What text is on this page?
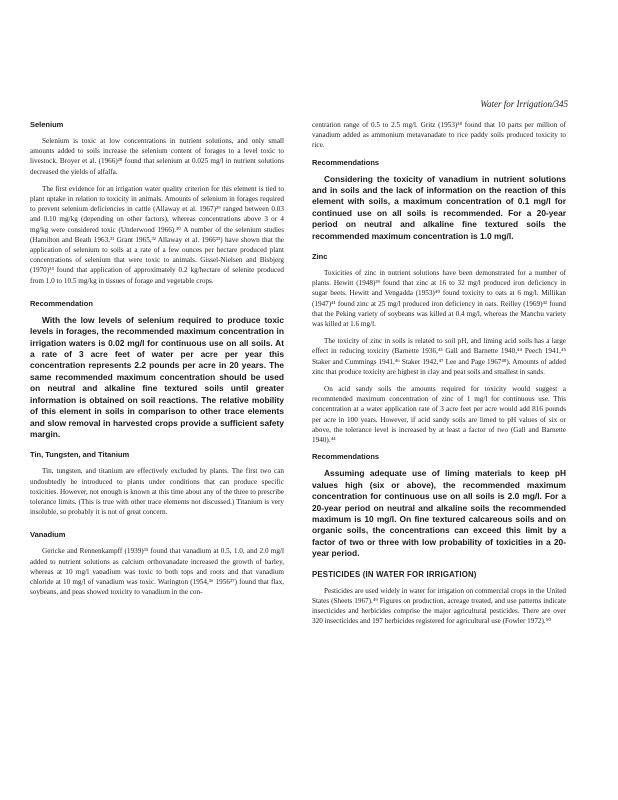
Water for Irrigation/345
Selenium

Selenium is toxic at low concentrations in nutrient solutions, and only small amounts added to soils increase the selenium content of forages to a level toxic to livestock. Broyer et al. (1966)²⁸ found that selenium at 0.025 mg/l in nutrient solutions decreased the yields of alfalfa.

The first evidence for an irrigation water quality criterion for this element is tied to plant uptake in relation to toxicity in animals. Amounts of selenium in forages required to prevent selenium deficiencies in cattle (Allaway et al. 1967)²⁹ ranged between 0.03 and 0.10 mg/kg (depending on other factors), whereas concentrations above 3 or 4 mg/kg were considered toxic (Underwood 1966).³⁰ A number of the selenium studies (Hamilton and Beath 1963,³¹ Grant 1965,³² Allaway et al. 1966³³) have shown that the application of selenium to soils at a rate of a few ounces per hectare produced plant concentrations of selenium that were toxic to animals. Gissel-Nielsen and Bisbjerg (1970)³⁴ found that application of approximately 0.2 kg/hectare of selenite produced from 1.0 to 10.5 mg/kg in tissues of forage and vegetable crops.

Recommendation

With the low levels of selenium required to produce toxic levels in forages, the recommended maximum concentration in irrigation waters is 0.02 mg/l for continuous use on all soils. At a rate of 3 acre feet of water per acre per year this concentration represents 2.2 pounds per acre in 20 years. The same recommended maximum concentration should be used on neutral and alkaline fine textured soils until greater information is obtained on soil reactions. The relative mobility of this element in soils in comparison to other trace elements and slow removal in harvested crops provide a sufficient safety margin.

Tin, Tungsten, and Titanium

Tin, tungsten, and titanium are effectively excluded by plants. The first two can undoubtedly be introduced to plants under conditions that can produce specific toxicities. However, not enough is known at this time about any of the three to prescribe tolerance limits. (This is true with other trace elements not discussed.) Titanium is very insoluble, so probably it is not of great concern.

Vanadium

Gericke and Rennenkampff (1939)³⁵ found that vanadium at 0.5, 1.0, and 2.0 mg/l added to nutrient solutions as calcium orthovanadate increased the growth of barley, whereas at 10 mg/l vanadium was toxic to both tops and roots and that vanadium chloride at 10 mg/l of vanadium was toxic. Warington (1954,³⁶ 1956³⁷) found that flax, soybeans, and peas showed toxicity to vanadium in the con-

centration range of 0.5 to 2.5 mg/l. Gritz (1953)³⁸ found that 10 parts per million of vanadium added as ammonium metavanadate to rice paddy soils produced toxicity to rice.

Recommendations

Considering the toxicity of vanadium in nutrient solutions and in soils and the lack of information on the reaction of this element with soils, a maximum concentration of 0.1 mg/l for continued use on all soils is recommended. For a 20-year period on neutral and alkaline fine textured soils the recommended maximum concentration is 1.0 mg/l.

Zinc

Toxicities of zinc in nutrient solutions have been demonstrated for a number of plants. Hewitt (1948)³⁹ found that zinc at 16 to 32 mg/l produced iron deficiency in sugar beets. Hewitt and Vengadda (1953)⁴⁰ found toxicity to oats at 6 mg/l. Millikan (1947)⁴¹ found zinc at 25 mg/l produced iron deficiency in oats. Reilley (1969)⁴² found that the Peking variety of soybeans was killed at 0.4 mg/l, whereas the Manchu variety was killed at 1.6 mg/l.

The toxicity of zinc in soils is related to soil pH, and liming acid soils has a large effect in reducing toxicity (Barnette 1936,⁴³ Gall and Barnette 1940,⁴⁴ Peech 1941,⁴⁵ Staker and Cummings 1941,⁴⁶ Staker 1942,⁴⁷ Lee and Page 1967⁴⁸). Amounts of added zinc that produce toxicity are highest in clay and peat soils and smallest in sands.

On acid sandy soils the amounts required for toxicity would suggest a recommended maximum concentration of zinc of 1 mg/l for continuous use. This concentration at a water application rate of 3 acre feet per acre would add 816 pounds per acre in 100 years. However, if acid sandy soils are limed to pH values of six or above, the tolerance level is increased by at least a factor of two (Gall and Barnette 1940).⁴⁴

Recommendations

Assuming adequate use of liming materials to keep pH values high (six or above), the recommended maximum concentration for continuous use on all soils is 2.0 mg/l. For a 20-year period on neutral and alkaline soils the recommended maximum is 10 mg/l. On fine textured calcareous soils and on organic soils, the concentrations can exceed this limit by a factor of two or three with low probability of toxicities in a 20-year period.

PESTICIDES (IN WATER FOR IRRIGATION)

Pesticides are used widely in water for irrigation on commercial crops in the United States (Sheets 1967).⁴⁹ Figures on production, acreage treated, and use patterns indicate insecticides and herbicides comprise the major agricultural pesticides. There are over 320 insecticides and 197 herbicides registered for agricultural use (Fowler 1972).⁵⁰
